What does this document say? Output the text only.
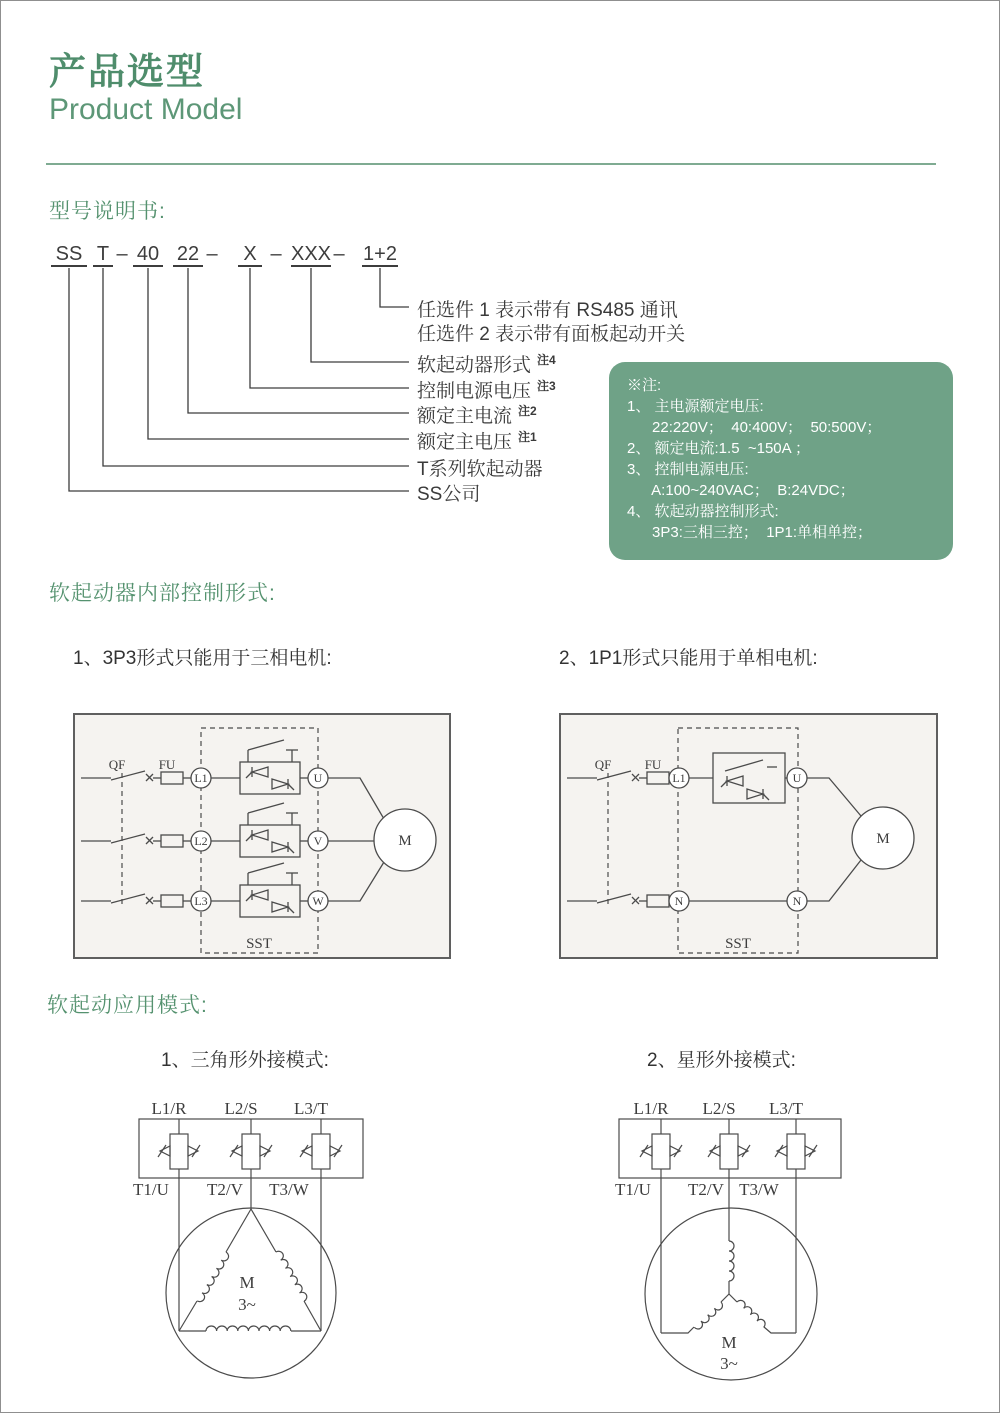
产品选型
Product Model
型号说明书:
SS T – 40 22 – X – XXX – 1+2
任选件 1 表示带有 RS485 通讯
任选件 2 表示带有面板起动开关
软起动器形式 $^{注4}$
控制电源电压 $^{注3}$
额定主电流 $^{注2}$
额定主电压 $^{注1}$
T系列软起动器
SS公司
※注:
1、 主电源额定电压:
22:220V；  40:400V；  50:500V；
2、 额定电流:1.5  ~150A ；
3、 控制电源电压:
A:100~240VAC；  B:24VDC；
4、 软起动器控制形式:
3P3:三相三控；  1P1:单相单控；
软起动器内部控制形式:
1、3P3形式只能用于三相电机:	2、1P1形式只能用于单相电机:
QF	FU
L1
L2
L3
U
V
W
SST
M
QF	FU
L1
N
U
N
SST
M
软起动应用模式:
1、三角形外接模式:	2、星形外接模式:
L1/R L2/S L3/T
T1/U T2/V T3/W
M
3~
L1/R L2/S L3/T
T1/U T2/V T3/W
M
3~
